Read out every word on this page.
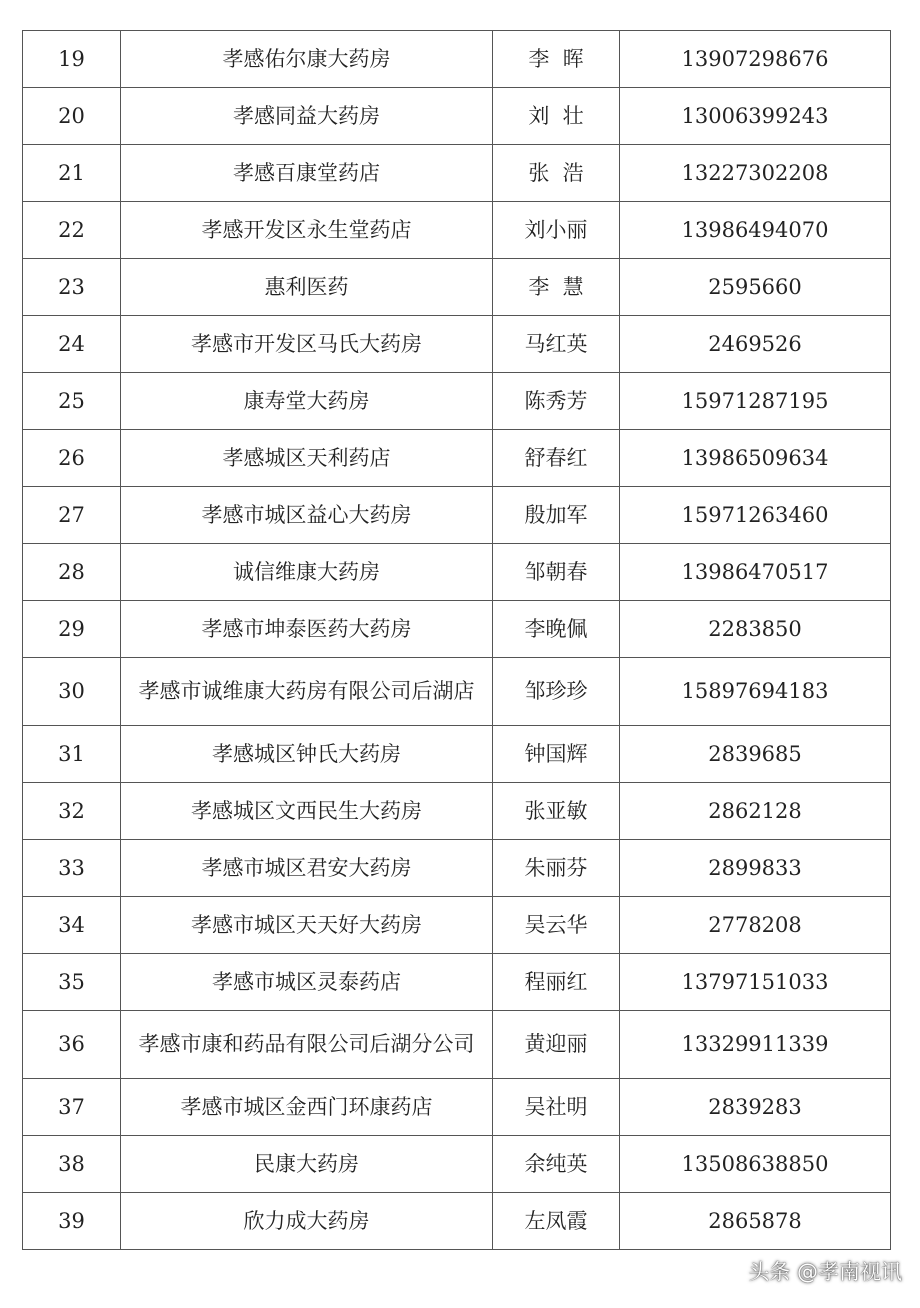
19	孝感佑尔康大药房	李  晖	13907298676
20	孝感同益大药房	刘  壮	13006399243
21	孝感百康堂药店	张  浩	13227302208
22	孝感开发区永生堂药店	刘小丽	13986494070
23	惠利医药	李  慧	2595660
24	孝感市开发区马氏大药房	马红英	2469526
25	康寿堂大药房	陈秀芳	15971287195
26	孝感城区天利药店	舒春红	13986509634
27	孝感市城区益心大药房	殷加军	15971263460
28	诚信维康大药房	邹朝春	13986470517
29	孝感市坤泰医药大药房	李晚佩	2283850
30	孝感市诚维康大药房有限公司后湖店	邹珍珍	15897694183
31	孝感城区钟氏大药房	钟国辉	2839685
32	孝感城区文西民生大药房	张亚敏	2862128
33	孝感市城区君安大药房	朱丽芬	2899833
34	孝感市城区天天好大药房	吴云华	2778208
35	孝感市城区灵泰药店	程丽红	13797151033
36	孝感市康和药品有限公司后湖分公司	黄迎丽	13329911339
37	孝感市城区金西门环康药店	吴社明	2839283
38	民康大药房	余纯英	13508638850
39	欣力成大药房	左凤霞	2865878
头条 @孝南视讯
